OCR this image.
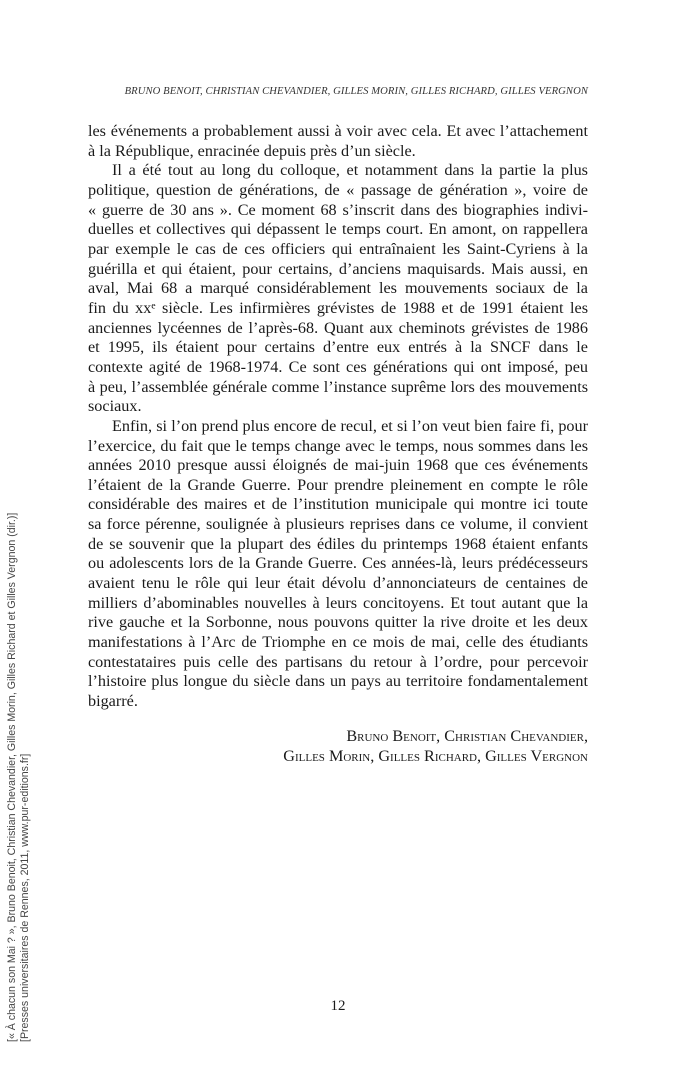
BRUNO BENOIT, CHRISTIAN CHEVANDIER, GILLES MORIN, GILLES RICHARD, GILLES VERGNON
les événements a probablement aussi à voir avec cela. Et avec l’attachement
à la République, enracinée depuis près d’un siècle.
Il a été tout au long du colloque, et notamment dans la partie la plus
politique, question de générations, de « passage de génération », voire de
« guerre de 30 ans ». Ce moment 68 s’inscrit dans des biographies indivi-
duelles et collectives qui dépassent le temps court. En amont, on rappellera
par exemple le cas de ces officiers qui entraînaient les Saint-Cyriens à la
guérilla et qui étaient, pour certains, d’anciens maquisards. Mais aussi, en
aval, Mai 68 a marqué considérablement les mouvements sociaux de la
fin du xxᵉ siècle. Les infirmières grévistes de 1988 et de 1991 étaient les
anciennes lycéennes de l’après-68. Quant aux cheminots grévistes de 1986
et 1995, ils étaient pour certains d’entre eux entrés à la SNCF dans le
contexte agité de 1968-1974. Ce sont ces générations qui ont imposé, peu
à peu, l’assemblée générale comme l’instance suprême lors des mouvements
sociaux.
Enfin, si l’on prend plus encore de recul, et si l’on veut bien faire fi, pour
l’exercice, du fait que le temps change avec le temps, nous sommes dans les
années 2010 presque aussi éloignés de mai-juin 1968 que ces événements
l’étaient de la Grande Guerre. Pour prendre pleinement en compte le rôle
considérable des maires et de l’institution municipale qui montre ici toute
sa force pérenne, soulignée à plusieurs reprises dans ce volume, il convient
de se souvenir que la plupart des édiles du printemps 1968 étaient enfants
ou adolescents lors de la Grande Guerre. Ces années-là, leurs prédécesseurs
avaient tenu le rôle qui leur était dévolu d’annonciateurs de centaines de
milliers d’abominables nouvelles à leurs concitoyens. Et tout autant que la
rive gauche et la Sorbonne, nous pouvons quitter la rive droite et les deux
manifestations à l’Arc de Triomphe en ce mois de mai, celle des étudiants
contestataires puis celle des partisans du retour à l’ordre, pour percevoir
l’histoire plus longue du siècle dans un pays au territoire fondamentalement
bigarré.
Bruno Benoit, Christian Chevandier,
Gilles Morin, Gilles Richard, Gilles Vergnon
12
[« À chacun son Mai ? », Bruno Benoit, Christian Chevandier, Gilles Morin, Gilles Richard et Gilles Vergnon (dir.)] [Presses universitaires de Rennes, 2011, www.pur-editions.fr]
